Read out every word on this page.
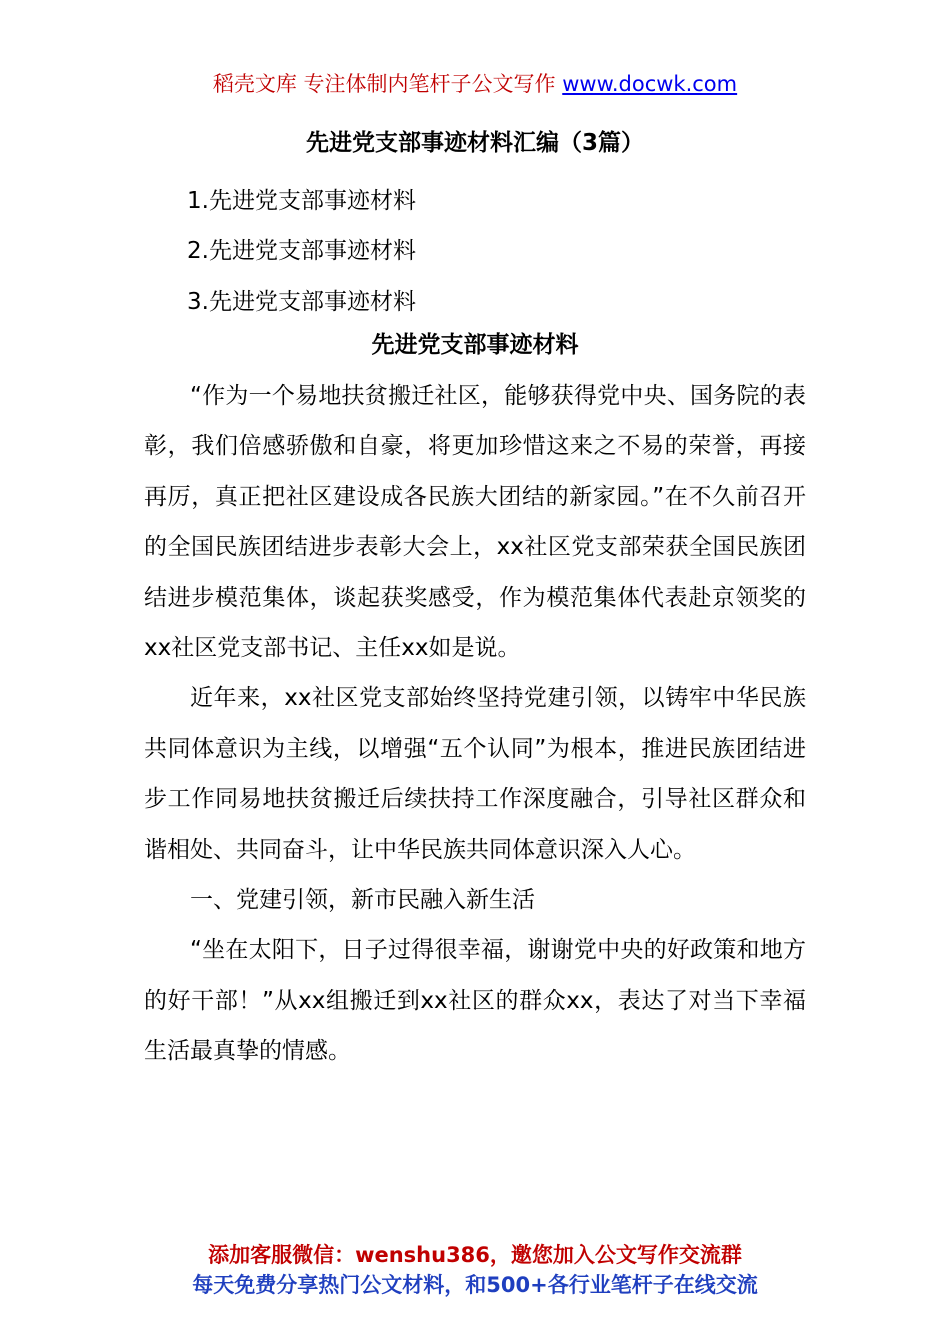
稻壳文库 专注体制内笔杆子公文写作 www.docwk.com
先进党支部事迹材料汇编（3篇）
1.先进党支部事迹材料
2.先进党支部事迹材料
3.先进党支部事迹材料
先进党支部事迹材料

“作为一个易地扶贫搬迁社区，能够获得党中央、国务院的表彰，我们倍感骄傲和自豪，将更加珍惜这来之不易的荣誉，再接再厉，真正把社区建设成各民族大团结的新家园。”在不久前召开的全国民族团结进步表彰大会上，xx社区党支部荣获全国民族团结进步模范集体，谈起获奖感受，作为模范集体代表赴京领奖的xx社区党支部书记、主任xx如是说。

近年来，xx社区党支部始终坚持党建引领，以铸牢中华民族共同体意识为主线，以增强“五个认同”为根本，推进民族团结进步工作同易地扶贫搬迁后续扶持工作深度融合，引导社区群众和谐相处、共同奋斗，让中华民族共同体意识深入人心。

一、党建引领，新市民融入新生活

“坐在太阳下，日子过得很幸福，谢谢党中央的好政策和地方的好干部！”从xx组搬迁到xx社区的群众xx，表达了对当下幸福生活最真挚的情感。

添加客服微信：wenshu386，邀您加入公文写作交流群
每天免费分享热门公文材料，和500+各行业笔杆子在线交流
